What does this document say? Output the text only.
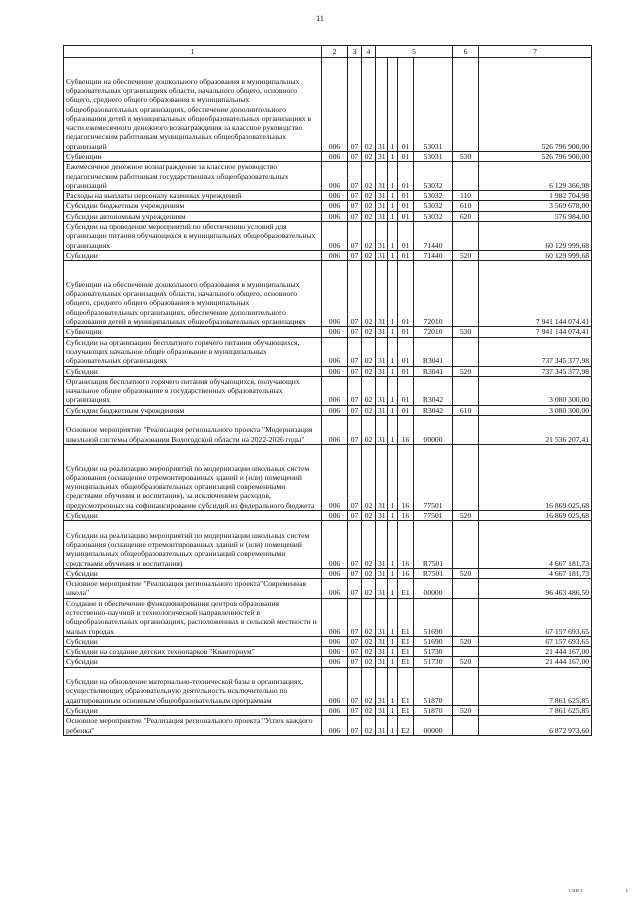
11
1	2	3	4	5				6	7
Субвенции на обеспечение дошкольного образования в муниципальных образовательных организациях области, начального общего, основного общего, среднего общего образования в муниципальных общеобразовательных организациях, обеспечение дополнительного образования детей в муниципальных общеобразовательных организациях в части ежемесячного денежного вознаграждения за классное руководство педагогическим работникам муниципальных общеобразовательных организаций	006	07	02	31	1	01	53031		526 796 900,00
Субвенции	006	07	02	31	1	01	53031	530	526 796 900,00
Ежемесячное денежное вознаграждение за классное руководство педагогическим работникам государственных общеобразовательных организаций	006	07	02	31	1	01	53032		6 129 366,98
Расходы на выплаты персоналу казенных учреждений	006	07	02	31	1	01	53032	110	1 982 704,98
Субсидии бюджетным учреждениям	006	07	02	31	1	01	53032	610	3 569 678,00
Субсидии автономным учреждениям	006	07	02	31	1	01	53032	620	576 984,00
Субсидии на проведение мероприятий по обеспечению условий для организации питания обучающихся в муниципальных общеобразовательных организациях	006	07	02	31	1	01	71440		60 129 999,68
Субсидии	006	07	02	31	1	01	71440	520	60 129 999,68
Субвенции на обеспечение дошкольного образования в муниципальных образовательных организациях области, начального общего, основного общего, среднего общего образования в муниципальных общеобразовательных организациях, обеспечение дополнительного образования детей в муниципальных общеобразовательных организациях	006	07	02	31	1	01	72010		7 941 144 074,41
Субвенции	006	07	02	31	1	01	72010	530	7 941 144 074,41
Субсидии на организацию бесплатного горячего питания обучающихся, получающих начальное общее образование в муниципальных образовательных организациях	006	07	02	31	1	01	R3041		737 345 377,98
Субсидии	006	07	02	31	1	01	R3041	520	737 345 377,98
Организация бесплатного горячего питания обучающихся, получающих начальное общее образование в государственных образовательных организациях	006	07	02	31	1	01	R3042		3 080 300,00
Субсидии бюджетным учреждениям	006	07	02	31	1	01	R3042	610	3 080 300,00
Основное мероприятие "Реализация регионального проекта "Модернизация школьной системы образования Вологодской области на 2022-2026 годы"	006	07	02	31	1	16	00000		21 536 207,41
Субсидии на реализацию мероприятий по модернизации школьных систем образования (оснащение отремонтированных зданий и (или) помещений муниципальных общеобразовательных организаций современными средствами обучения и воспитания), за исключением расходов, предусмотренных на софинансирование субсидий из федерального бюджета	006	07	02	31	1	16	77501		16 869 025,68
Субсидии	006	07	02	31	1	16	77501	520	16 869 025,68
Субсидии на реализацию мероприятий по модернизации школьных систем образования (оснащение отремонтированных зданий и (или) помещений муниципальных общеобразовательных организаций современными средствами обучения и воспитания)	006	07	02	31	1	16	R7501		4 667 181,73
Субсидии	006	07	02	31	1	16	R7501	520	4 667 181,73
Основное мероприятие "Реализация регионального проекта"Современная школа"	006	07	02	31	1	E1	00000		96 463 486,50
Создание и обеспечение функционирования центров образования естественно-научной и технологической направленностей в общеобразовательных организациях, расположенных в сельской местности и малых городах	006	07	02	31	1	E1	51690		67 157 693,65
Субсидии	006	07	02	31	1	E1	51690	520	67 157 693,65
Субсидии на создание детских технопарков "Кванториум"	006	07	02	31	1	E1	51730		21 444 167,00
Субсидии	006	07	02	31	1	E1	51730	520	21 444 167,00
Субсидии на обновление материально-технической базы в организациях, осуществляющих образовательную деятельность исключительно по адаптированным основным общеобразовательным программам	006	07	02	31	1	E1	51870		7 861 625,85
Субсидии	006	07	02	31	1	E1	51870	520	7 861 625,85
Основное мероприятие "Реализация регионального проекта "Успех каждого ребенка"	006	07	02	31	1	E2	00000		6 872 973,60
ı ıııı ı	ı
